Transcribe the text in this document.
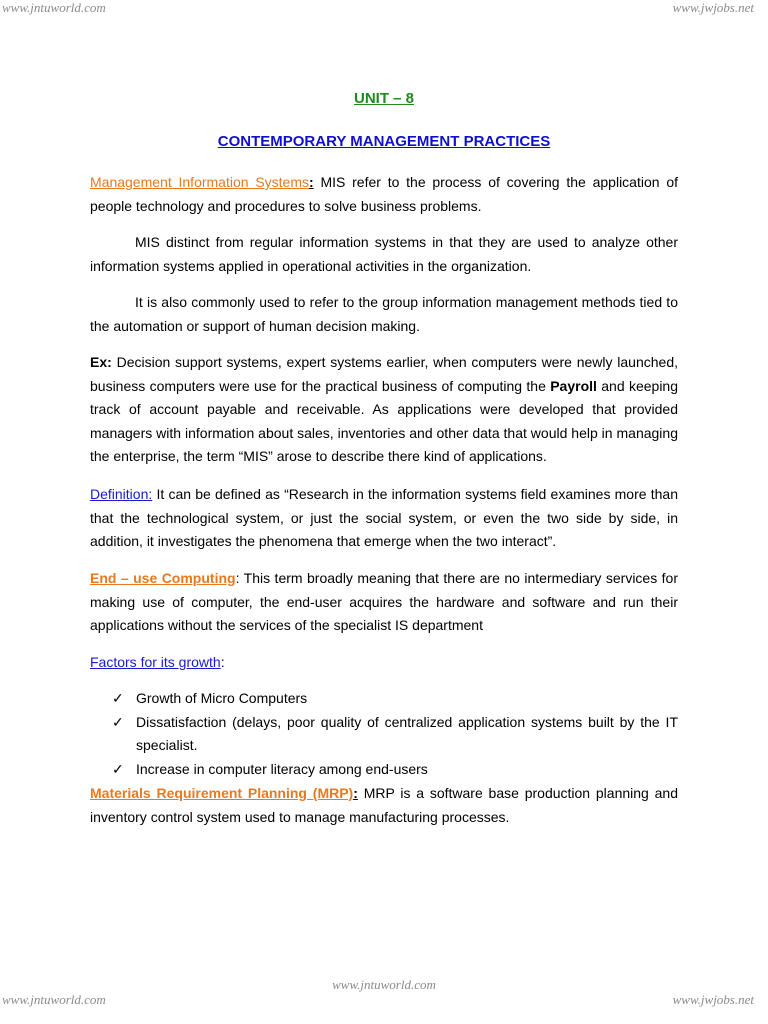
www.jntuworld.com	www.jwjobs.net
UNIT – 8
CONTEMPORARY MANAGEMENT PRACTICES
Management Information Systems: MIS refer to the process of covering the application of people technology and procedures to solve business problems.
MIS distinct from regular information systems in that they are used to analyze other information systems applied in operational activities in the organization.
It is also commonly used to refer to the group information management methods tied to the automation or support of human decision making.
Ex: Decision support systems, expert systems earlier, when computers were newly launched, business computers were use for the practical business of computing the Payroll and keeping track of account payable and receivable. As applications were developed that provided managers with information about sales, inventories and other data that would help in managing the enterprise, the term “MIS” arose to describe there kind of applications.
Definition: It can be defined as “Research in the information systems field examines more than that the technological system, or just the social system, or even the two side by side, in addition, it investigates the phenomena that emerge when the two interact”.
End – use Computing: This term broadly meaning that there are no intermediary services for making use of computer, the end-user acquires the hardware and software and run their applications without the services of the specialist IS department
Factors for its growth:
✓ Growth of Micro Computers
✓ Dissatisfaction (delays, poor quality of centralized application systems built by the IT specialist.
✓ Increase in computer literacy among end-users
Materials Requirement Planning (MRP): MRP is a software base production planning and inventory control system used to manage manufacturing processes.
www.jntuworld.com
www.jntuworld.com	www.jwjobs.net
